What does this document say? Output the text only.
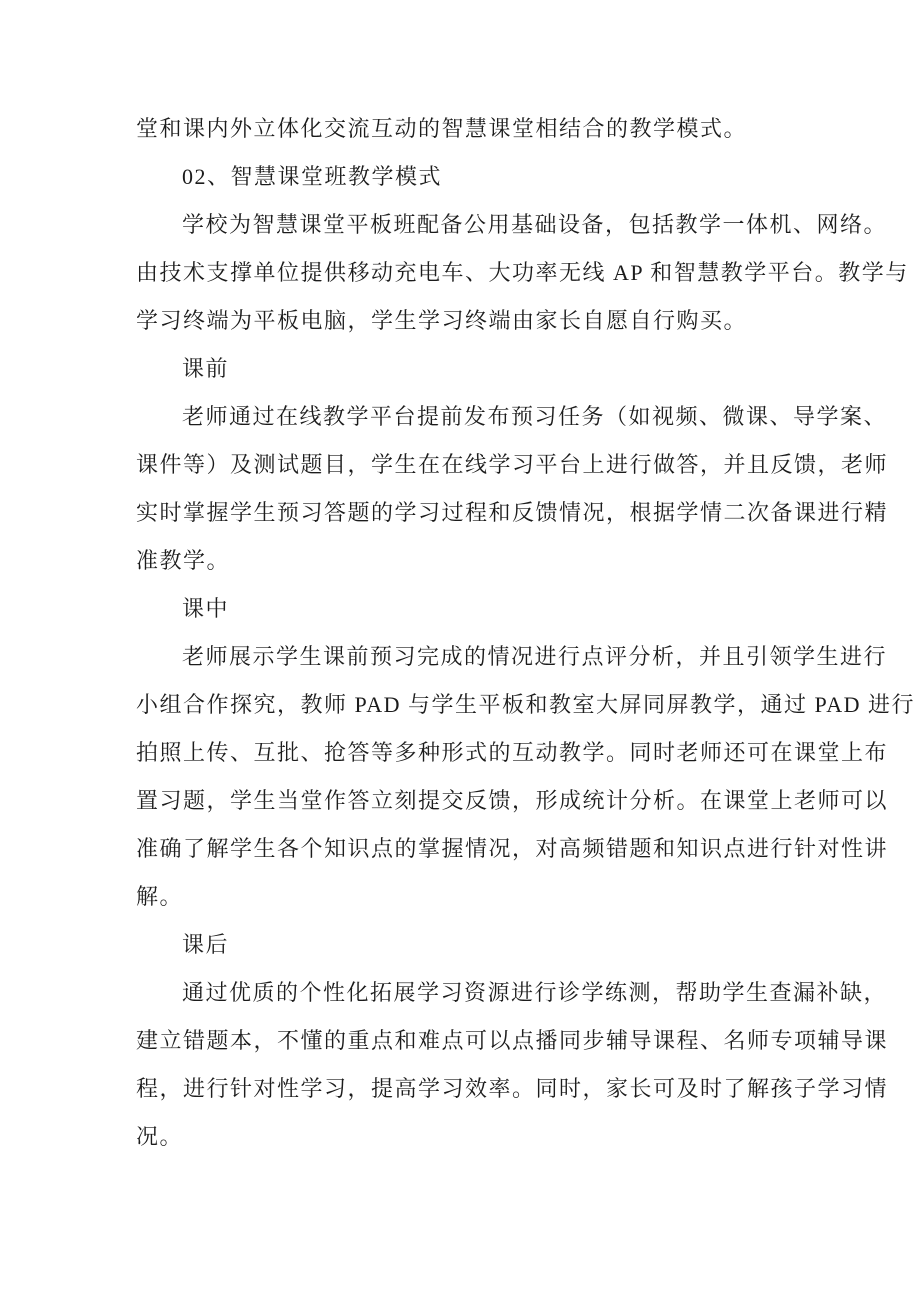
堂和课内外立体化交流互动的智慧课堂相结合的教学模式。
02、智慧课堂班教学模式
学校为智慧课堂平板班配备公用基础设备，包括教学一体机、网络。
由技术支撑单位提供移动充电车、大功率无线 AP 和智慧教学平台。教学与
学习终端为平板电脑，学生学习终端由家长自愿自行购买。
课前
老师通过在线教学平台提前发布预习任务（如视频、微课、导学案、
课件等）及测试题目，学生在在线学习平台上进行做答，并且反馈，老师
实时掌握学生预习答题的学习过程和反馈情况，根据学情二次备课进行精
准教学。
课中
老师展示学生课前预习完成的情况进行点评分析，并且引领学生进行
小组合作探究，教师 PAD 与学生平板和教室大屏同屏教学，通过 PAD 进行
拍照上传、互批、抢答等多种形式的互动教学。同时老师还可在课堂上布
置习题，学生当堂作答立刻提交反馈，形成统计分析。在课堂上老师可以
准确了解学生各个知识点的掌握情况，对高频错题和知识点进行针对性讲
解。
课后
通过优质的个性化拓展学习资源进行诊学练测，帮助学生查漏补缺，
建立错题本，不懂的重点和难点可以点播同步辅导课程、名师专项辅导课
程，进行针对性学习，提高学习效率。同时，家长可及时了解孩子学习情
况。
